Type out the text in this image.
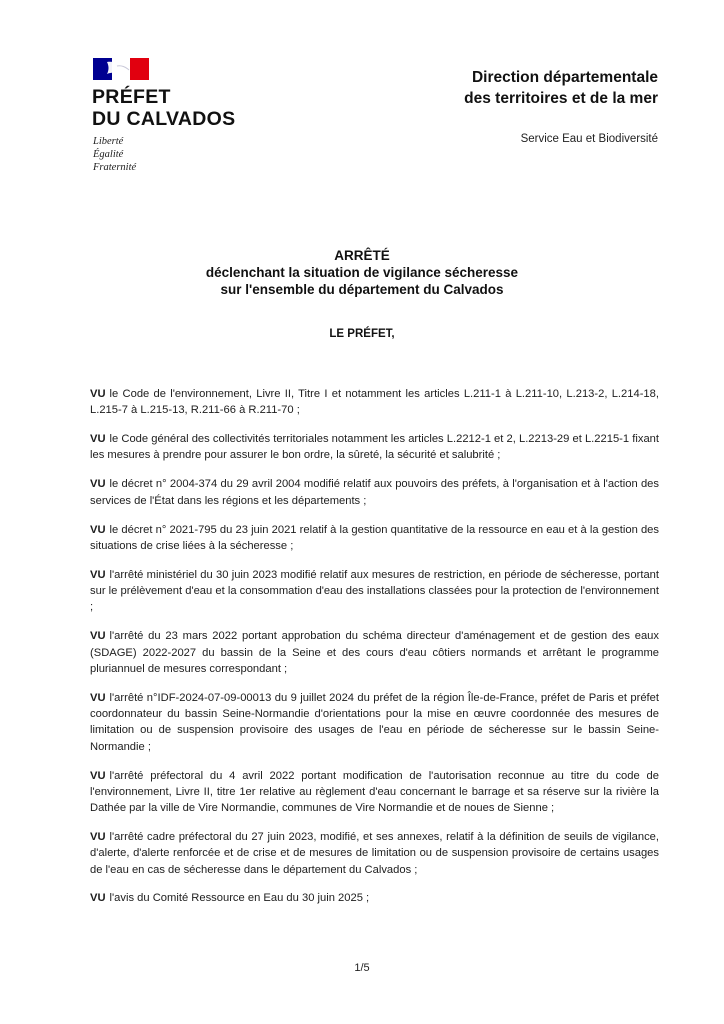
PRÉFET
DU CALVADOS
Liberté
Égalité
Fraternité
Direction départementale
des territoires et de la mer
Service Eau et Biodiversité
ARRÊTÉ
déclenchant la situation de vigilance sécheresse
sur l'ensemble du département du Calvados
LE PRÉFET,

VU le Code de l'environnement, Livre II, Titre I et notamment les articles L.211-1 à L.211-10, L.213-2, L.214-18, L.215-7 à L.215-13, R.211-66 à R.211-70 ;

VU le Code général des collectivités territoriales notamment les articles L.2212-1 et 2, L.2213-29 et L.2215-1 fixant les mesures à prendre pour assurer le bon ordre, la sûreté, la sécurité et salubrité ;

VU le décret n° 2004-374 du 29 avril 2004 modifié relatif aux pouvoirs des préfets, à l'organisation et à l'action des services de l'État dans les régions et les départements ;

VU le décret n° 2021-795 du 23 juin 2021 relatif à la gestion quantitative de la ressource en eau et à la gestion des situations de crise liées à la sécheresse ;

VU l'arrêté ministériel du 30 juin 2023 modifié relatif aux mesures de restriction, en période de sécheresse, portant sur le prélèvement d'eau et la consommation d'eau des installations classées pour la protection de l'environnement ;

VU l'arrêté du 23 mars 2022 portant approbation du schéma directeur d'aménagement et de gestion des eaux (SDAGE) 2022-2027 du bassin de la Seine et des cours d'eau côtiers normands et arrêtant le programme pluriannuel de mesures correspondant ;

VU l'arrêté n°IDF-2024-07-09-00013 du 9 juillet 2024 du préfet de la région Île-de-France, préfet de Paris et préfet coordonnateur du bassin Seine-Normandie d'orientations pour la mise en œuvre coordonnée des mesures de limitation ou de suspension provisoire des usages de l'eau en période de sécheresse sur le bassin Seine-Normandie ;

VU l'arrêté préfectoral du 4 avril 2022 portant modification de l'autorisation reconnue au titre du code de l'environnement, Livre II, titre 1er relative au règlement d'eau concernant le barrage et sa réserve sur la rivière la Dathée par la ville de Vire Normandie, communes de Vire Normandie et de noues de Sienne ;

VU l'arrêté cadre préfectoral du 27 juin 2023, modifié, et ses annexes, relatif à la définition de seuils de vigilance, d'alerte, d'alerte renforcée et de crise et de mesures de limitation ou de suspension provisoire de certains usages de l'eau en cas de sécheresse dans le département du Calvados ;

VU l'avis du Comité Ressource en Eau du 30 juin 2025 ;

1/5
